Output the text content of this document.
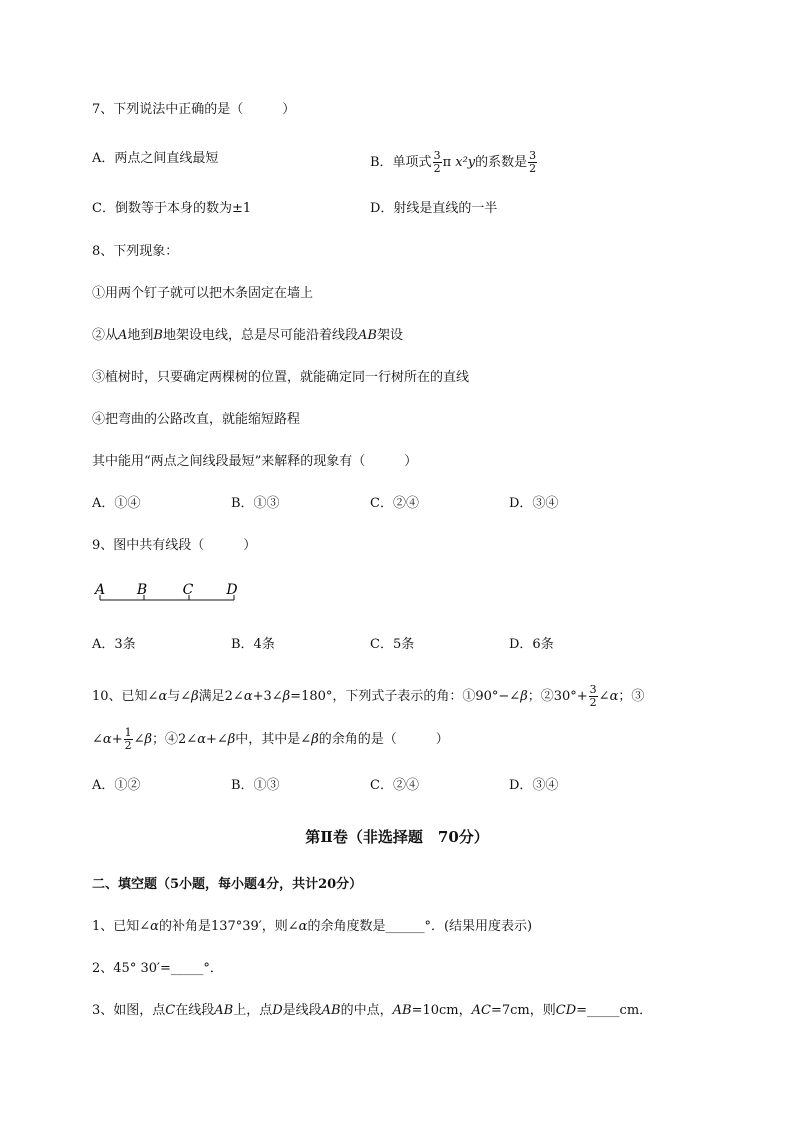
7、下列说法中正确的是（　　　）
A．两点之间直线最短	B．单项式 $\frac{3}{2}$ π x²y的系数是 $\frac{3}{2}$
C．倒数等于本身的数为±1	D．射线是直线的一半
8、下列现象：
①用两个钉子就可以把木条固定在墙上
②从A地到B地架设电线，总是尽可能沿着线段AB架设
③植树时，只要确定两棵树的位置，就能确定同一行树所在的直线
④把弯曲的公路改直，就能缩短路程
其中能用“两点之间线段最短”来解释的现象有（　　　）
A．①④	B．①③	C．②④	D．③④
9、图中共有线段（　　　）
A B	C D
A．3条	B．4条	C．5条	D．6条
10、已知∠α与∠β满足2∠α+3∠β=180°，下列式子表示的角：①90°−∠β；②30°+ $\frac{3}{2}$ ∠α；③
∠α+ $\frac{1}{2}$ ∠β；④2∠α+∠β中，其中是∠β的余角的是（　　　）
A．①②	B．①③	C．②④	D．③④
第Ⅱ卷（非选择题　70分）
二、填空题（5小题，每小题4分，共计20分）
1、已知∠α的补角是137°39′，则∠α的余角度数是______°．(结果用度表示)
2、45° 30′=_____°．
3、如图，点C在线段AB上，点D是线段AB的中点，AB=10cm，AC=7cm，则CD=_____cm．
